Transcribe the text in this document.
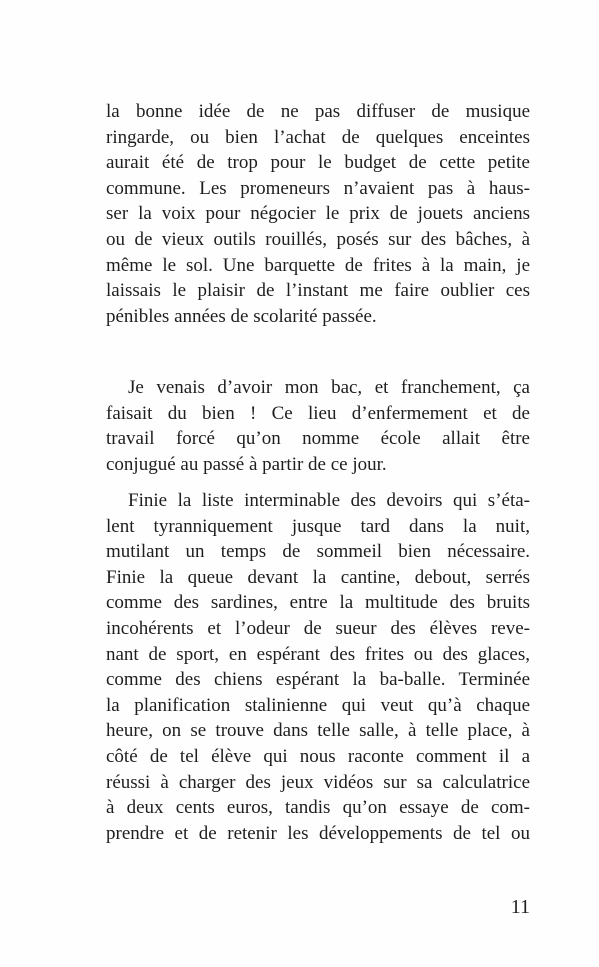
la bonne idée de ne pas diffuser de musique
ringarde, ou bien l’achat de quelques enceintes
aurait été de trop pour le budget de cette petite
commune. Les promeneurs n’avaient pas à haus-
ser la voix pour négocier le prix de jouets anciens
ou de vieux outils rouillés, posés sur des bâches, à
même le sol. Une barquette de frites à la main, je
laissais le plaisir de l’instant me faire oublier ces
pénibles années de scolarité passée.
Je venais d’avoir mon bac, et franchement, ça
faisait du bien ! Ce lieu d’enfermement et de
travail forcé qu’on nomme école allait être
conjugué au passé à partir de ce jour.
Finie la liste interminable des devoirs qui s’éta-
lent tyranniquement jusque tard dans la nuit,
mutilant un temps de sommeil bien nécessaire.
Finie la queue devant la cantine, debout, serrés
comme des sardines, entre la multitude des bruits
incohérents et l’odeur de sueur des élèves reve-
nant de sport, en espérant des frites ou des glaces,
comme des chiens espérant la ba-balle. Terminée
la planification stalinienne qui veut qu’à chaque
heure, on se trouve dans telle salle, à telle place, à
côté de tel élève qui nous raconte comment il a
réussi à charger des jeux vidéos sur sa calculatrice
à deux cents euros, tandis qu’on essaye de com-
prendre et de retenir les développements de tel ou
11
